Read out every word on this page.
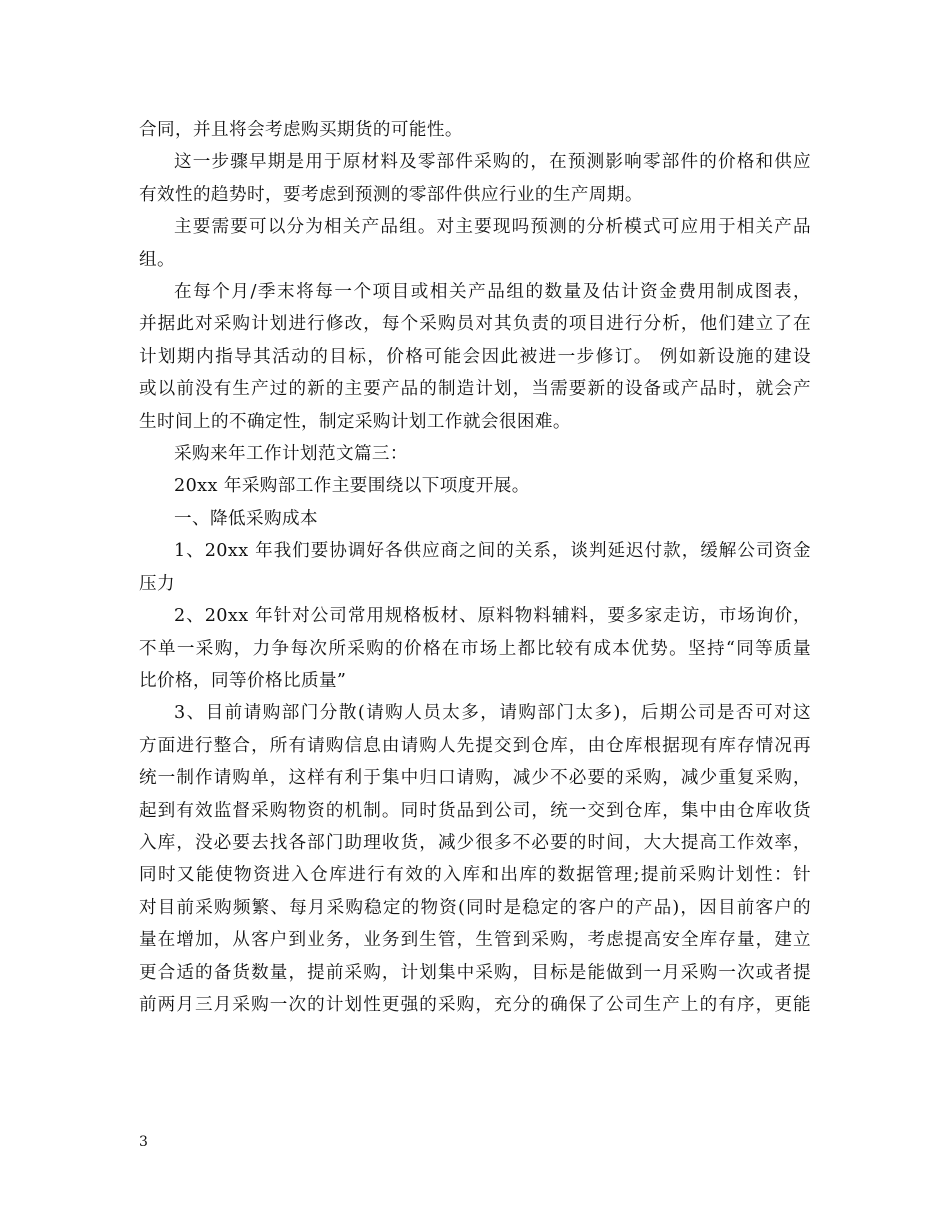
合同，并且将会考虑购买期货的可能性。
这一步骤早期是用于原材料及零部件采购的，在预测影响零部件的价格和供应
有效性的趋势时，要考虑到预测的零部件供应行业的生产周期。
主要需要可以分为相关产品组。对主要现吗预测的分析模式可应用于相关产品
组。
在每个月/季末将每一个项目或相关产品组的数量及估计资金费用制成图表，
并据此对采购计划进行修改，每个采购员对其负责的项目进行分析，他们建立了在
计划期内指导其活动的目标，价格可能会因此被进一步修订。 例如新设施的建设
或以前没有生产过的新的主要产品的制造计划，当需要新的设备或产品时，就会产
生时间上的不确定性，制定采购计划工作就会很困难。
采购来年工作计划范文篇三：
20xx 年采购部工作主要围绕以下项度开展。
一、降低采购成本
1、20xx 年我们要协调好各供应商之间的关系，谈判延迟付款，缓解公司资金
压力
2、20xx 年针对公司常用规格板材、原料物料辅料，要多家走访，市场询价，
不单一采购，力争每次所采购的价格在市场上都比较有成本优势。坚持“同等质量
比价格，同等价格比质量”
3、目前请购部门分散(请购人员太多，请购部门太多)，后期公司是否可对这
方面进行整合，所有请购信息由请购人先提交到仓库，由仓库根据现有库存情况再
统一制作请购单，这样有利于集中归口请购，减少不必要的采购，减少重复采购，
起到有效监督采购物资的机制。同时货品到公司，统一交到仓库，集中由仓库收货
入库，没必要去找各部门助理收货，减少很多不必要的时间，大大提高工作效率，
同时又能使物资进入仓库进行有效的入库和出库的数据管理;提前采购计划性：针
对目前采购频繁、每月采购稳定的物资(同时是稳定的客户的产品)，因目前客户的
量在增加，从客户到业务，业务到生管，生管到采购，考虑提高安全库存量，建立
更合适的备货数量，提前采购，计划集中采购，目标是能做到一月采购一次或者提
前两月三月采购一次的计划性更强的采购，充分的确保了公司生产上的有序，更能
3
